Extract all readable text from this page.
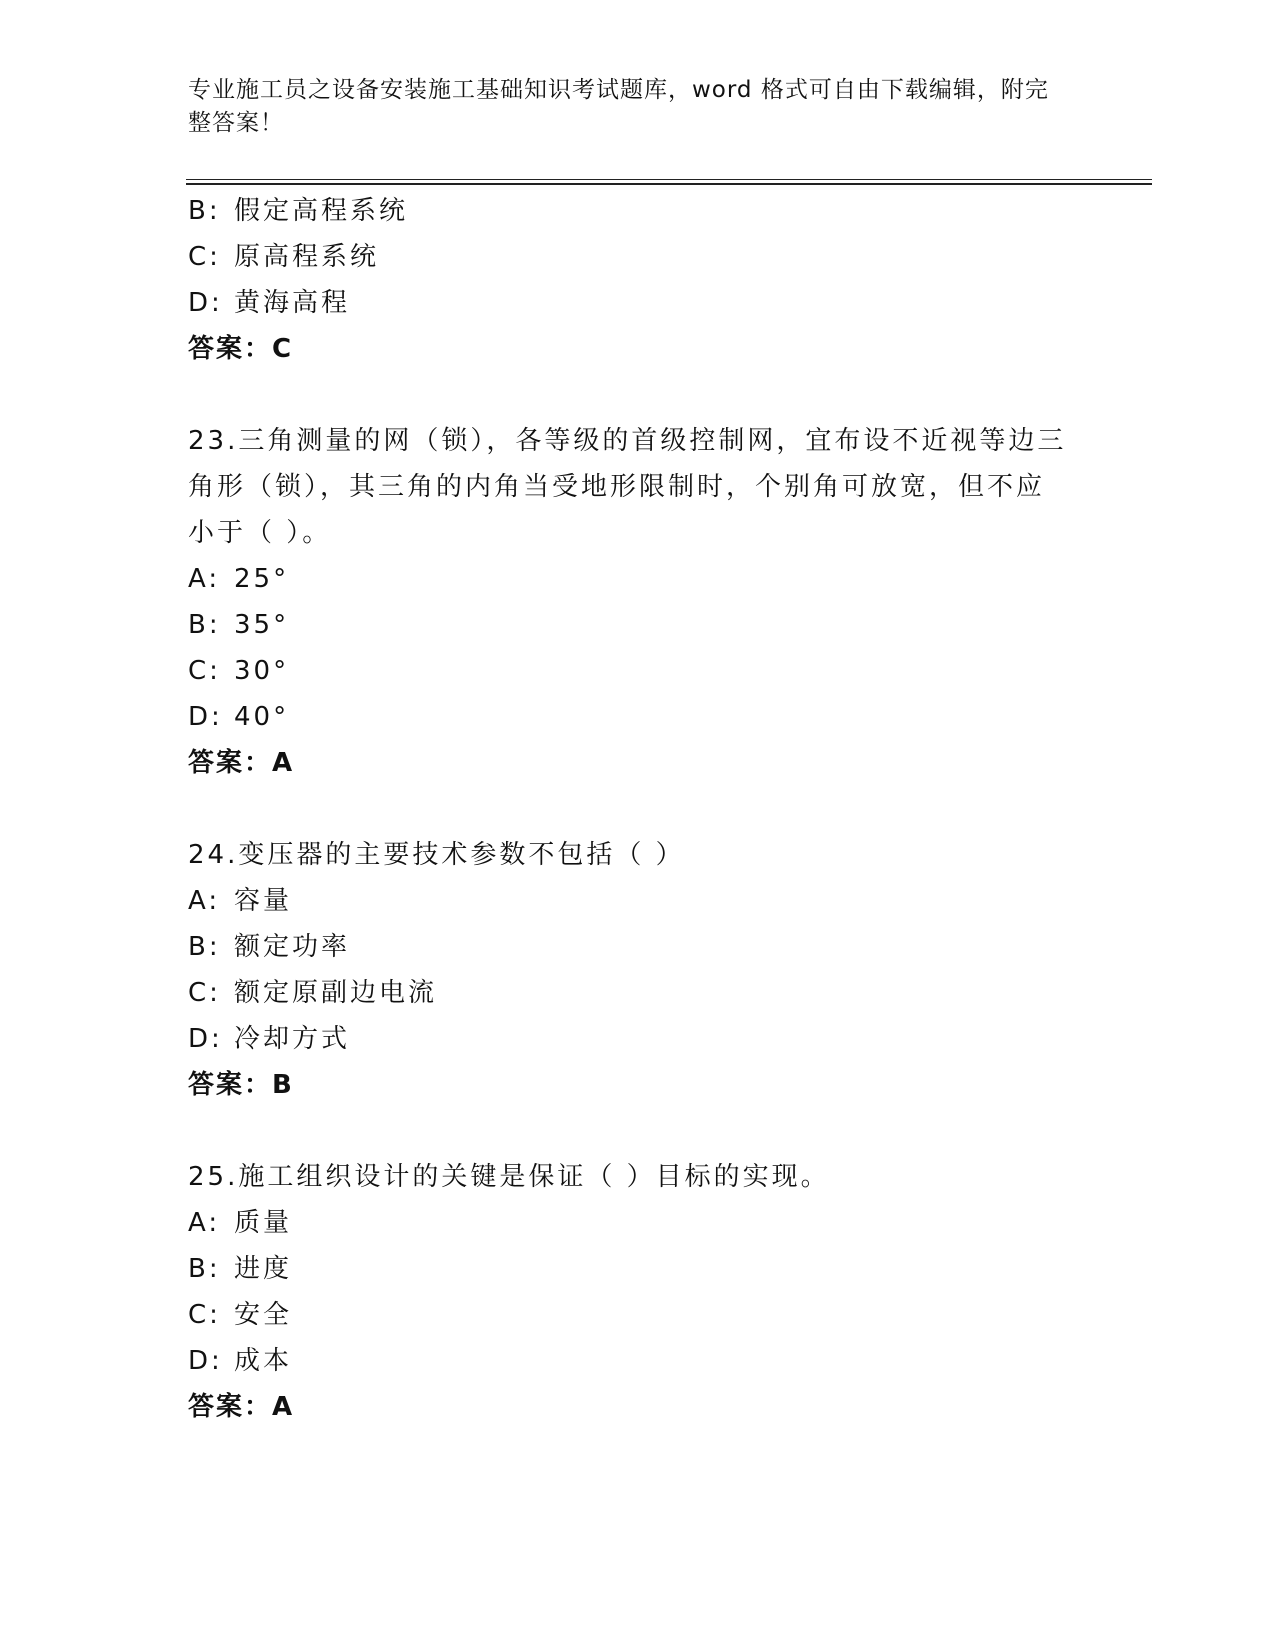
专业施工员之设备安装施工基础知识考试题库，word 格式可自由下载编辑，附完
整答案！
B: 假定高程系统
C: 原高程系统
D: 黄海高程
答案：C
23.三角测量的网（锁），各等级的首级控制网，宜布设不近视等边三
角形（锁），其三角的内角当受地形限制时，个别角可放宽，但不应
小于（ ）。
A: 25°
B: 35°
C: 30°
D: 40°
答案：A
24.变压器的主要技术参数不包括（ ）
A: 容量
B: 额定功率
C: 额定原副边电流
D: 冷却方式
答案：B
25.施工组织设计的关键是保证（ ）目标的实现。
A: 质量
B: 进度
C: 安全
D: 成本
答案：A
